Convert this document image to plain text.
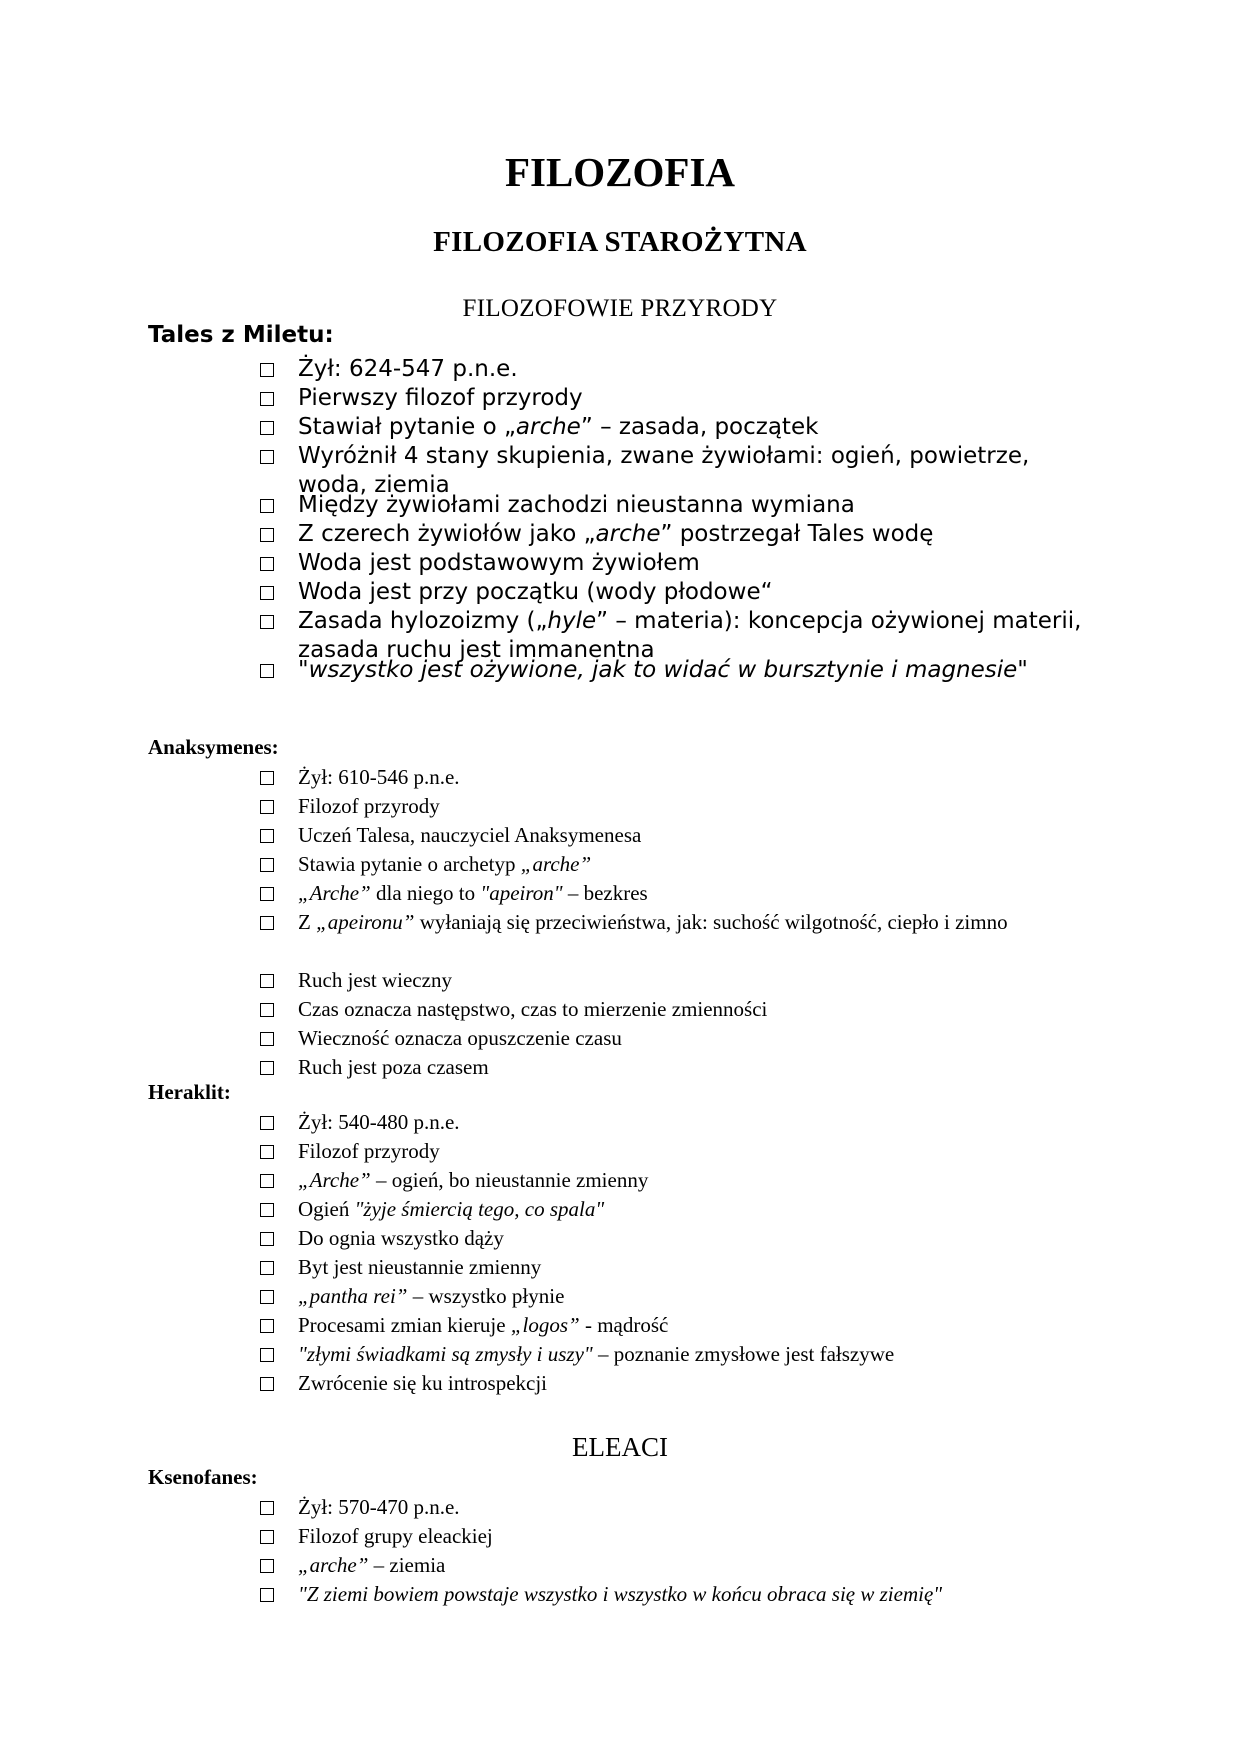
FILOZOFIA
FILOZOFIA STAROŻYTNA
FILOZOFOWIE PRZYRODY
Tales z Miletu:
Żył: 624-547 p.n.e.
Pierwszy filozof przyrody
Stawiał pytanie o „arche” – zasada, początek
Wyróżnił 4 stany skupienia, zwane żywiołami: ogień, powietrze, woda, ziemia
Między żywiołami zachodzi nieustanna wymiana
Z czerech żywiołów jako „arche” postrzegał Tales wodę
Woda jest podstawowym żywiołem
Woda jest przy początku (wody płodowe“
Zasada hylozoizmy („hyle” – materia): koncepcja ożywionej materii, zasada ruchu jest immanentna
"wszystko jest ożywione, jak to widać w bursztynie i magnesie"
Anaksymenes:
Żył: 610-546 p.n.e.
Filozof przyrody
Uczeń Talesa, nauczyciel Anaksymenesa
Stawia pytanie o archetyp „arche”
„Arche” dla niego to "apeiron" – bezkres
Z „apeironu” wyłaniają się przeciwieństwa, jak: suchość wilgotność, ciepło i zimno
Ruch jest wieczny
Czas oznacza następstwo, czas to mierzenie zmienności
Wieczność oznacza opuszczenie czasu
Ruch jest poza czasem
Heraklit:
Żył: 540-480 p.n.e.
Filozof przyrody
„Arche” – ogień, bo nieustannie zmienny
Ogień "żyje śmiercią tego, co spala"
Do ognia wszystko dąży
Byt jest nieustannie zmienny
„pantha rei” – wszystko płynie
Procesami zmian kieruje „logos” - mądrość
"złymi świadkami są zmysły i uszy" – poznanie zmysłowe jest fałszywe
Zwrócenie się ku introspekcji
ELEACI
Ksenofanes:
Żył: 570-470 p.n.e.
Filozof grupy eleackiej
„arche” – ziemia
"Z ziemi bowiem powstaje wszystko i wszystko w końcu obraca się w ziemię"
